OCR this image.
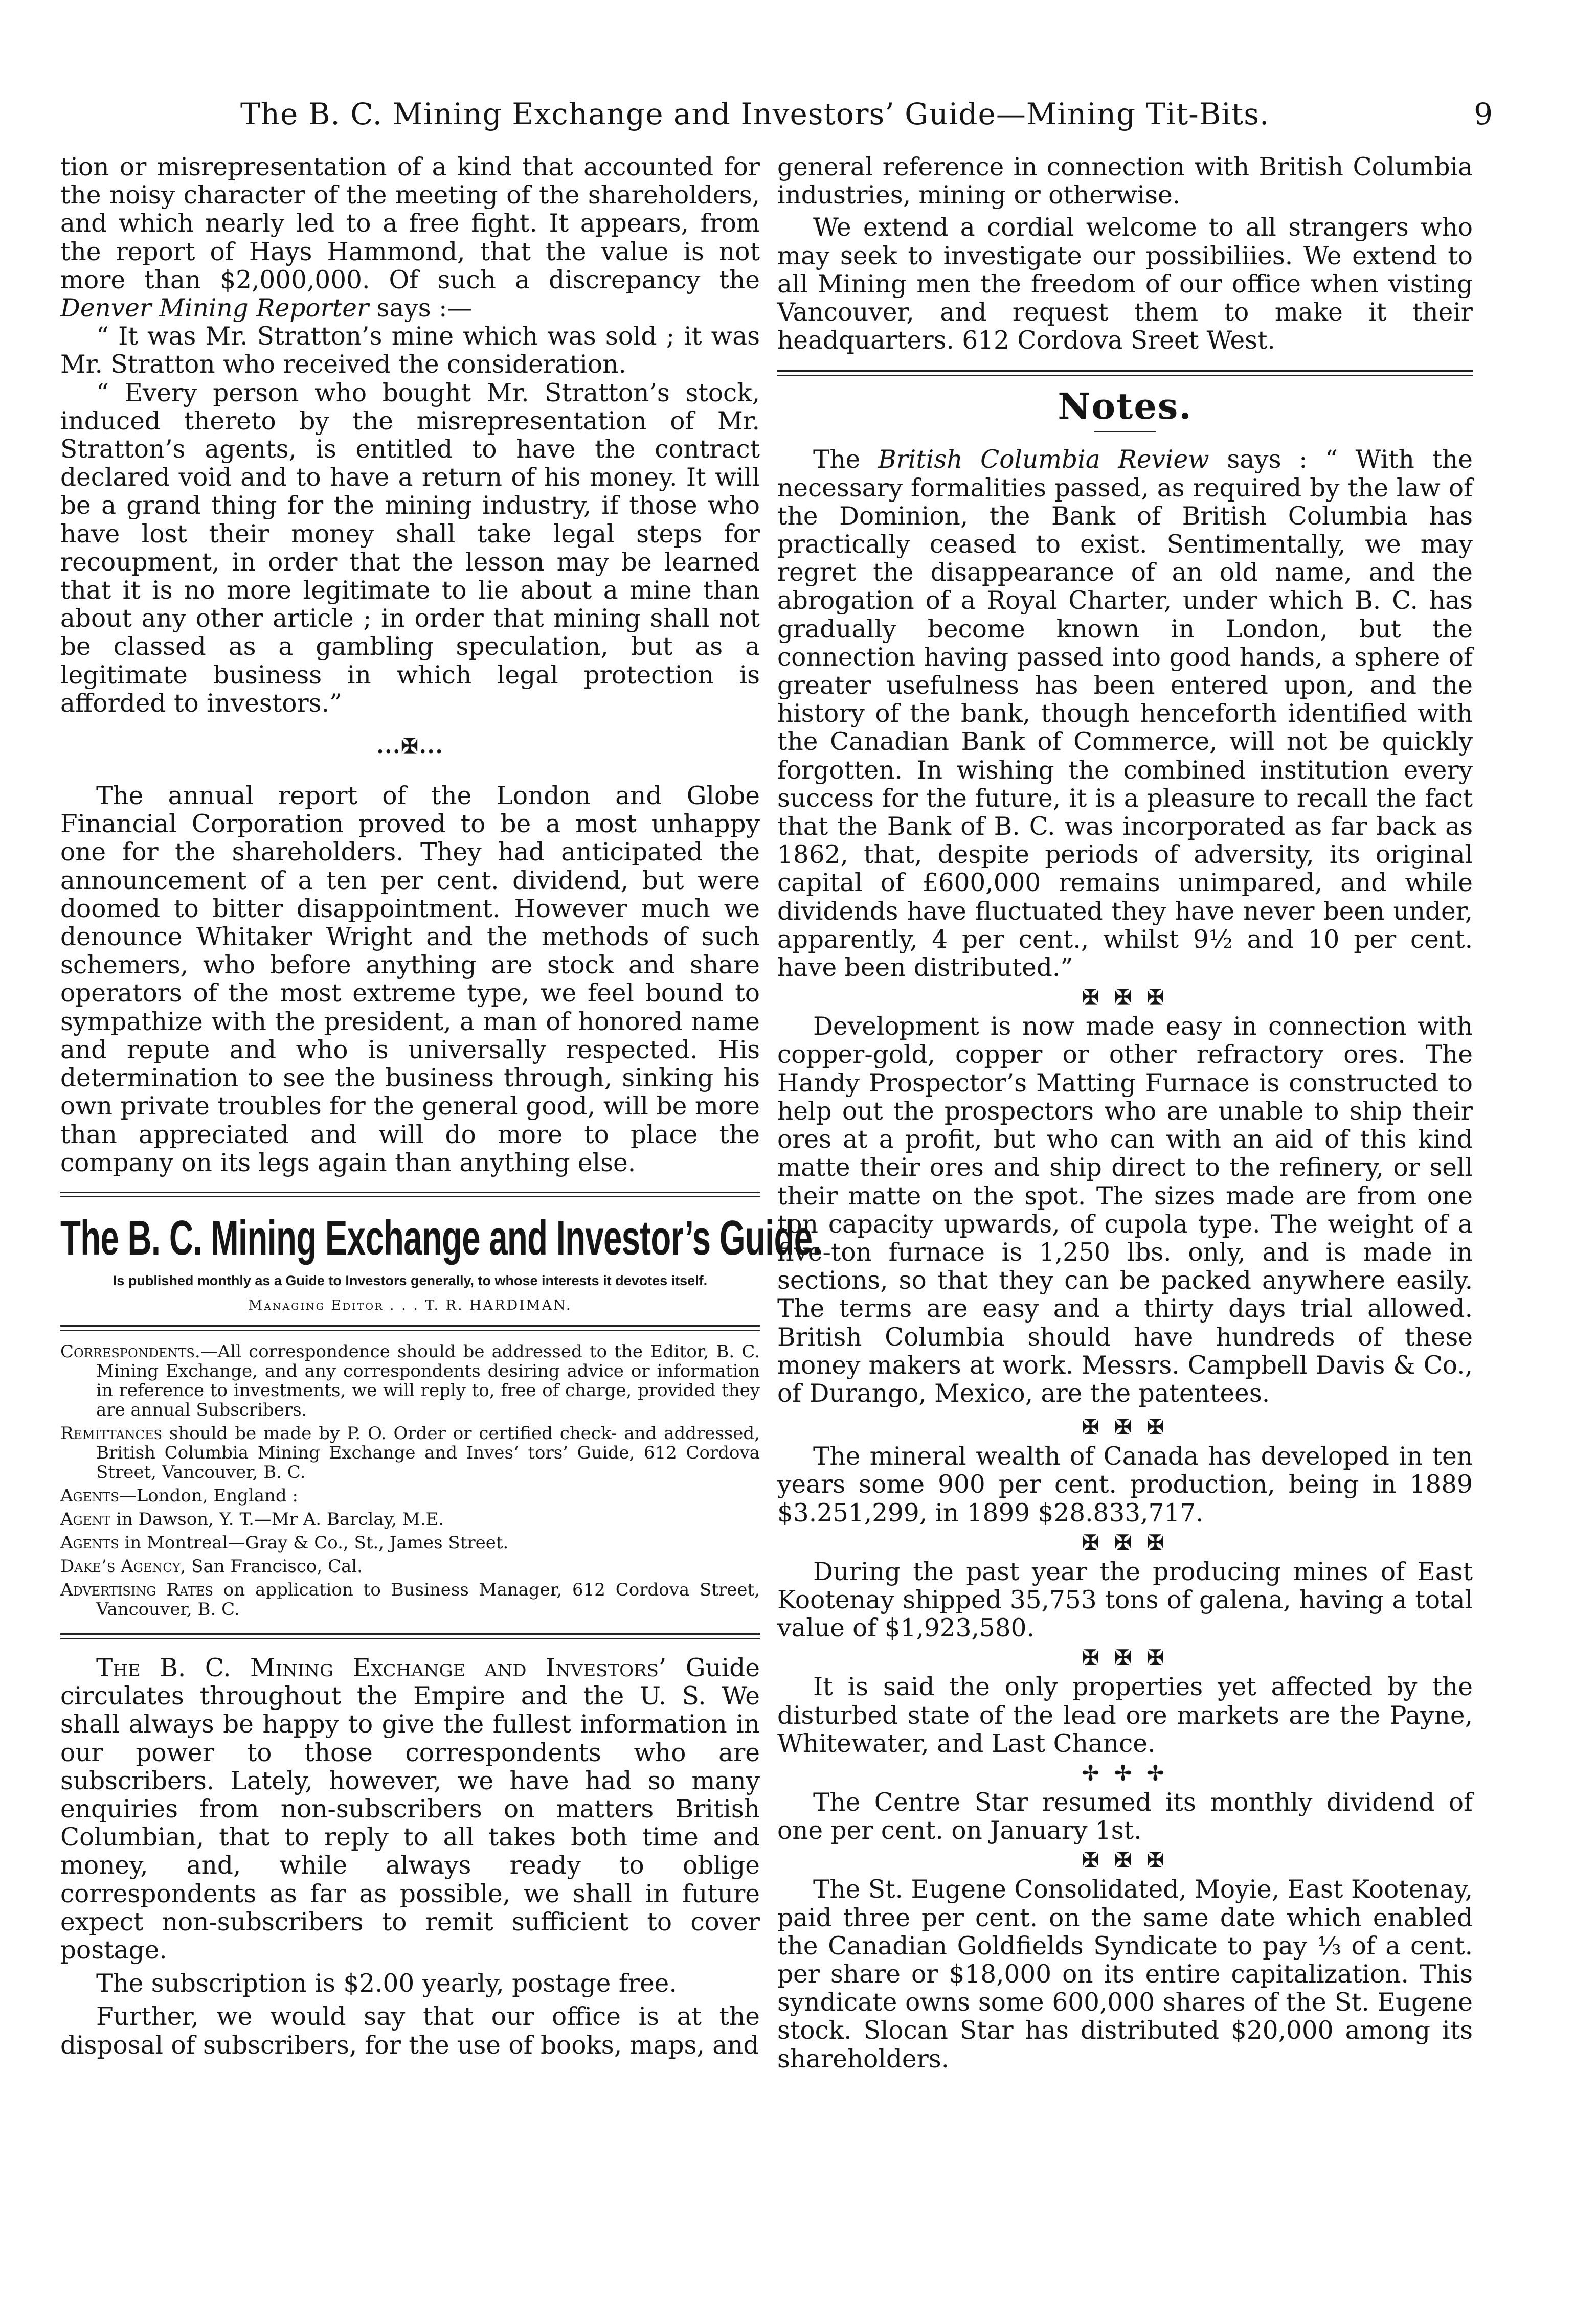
The B. C. Mining Exchange and Investors’ Guide—Mining Tit-Bits.	9

tion or misrepresentation of a kind that accounted for the noisy character of the meeting of the shareholders, and which nearly led to a free fight. It appears, from the report of Hays Hammond, that the value is not more than $2,000,000. Of such a discrepancy the Denver Mining Reporter says :—

“ It was Mr. Stratton’s mine which was sold ; it was Mr. Stratton who received the consideration.

“ Every person who bought Mr. Stratton’s stock, induced thereto by the misrepresentation of Mr. Stratton’s agents, is entitled to have the contract declared void and to have a return of his money. It will be a grand thing for the mining industry, if those who have lost their money shall take legal steps for recoupment, in order that the lesson may be learned that it is no more legitimate to lie about a mine than about any other article ; in order that mining shall not be classed as a gambling speculation, but as a legitimate business in which legal protection is afforded to investors.”

...✠...

The annual report of the London and Globe Financial Corporation proved to be a most unhappy one for the shareholders. They had anticipated the announcement of a ten per cent. dividend, but were doomed to bitter disappointment. However much we denounce Whitaker Wright and the methods of such schemers, who before anything are stock and share operators of the most extreme type, we feel bound to sympathize with the president, a man of honored name and repute and who is universally respected. His determination to see the business through, sinking his own private troubles for the general good, will be more than appreciated and will do more to place the company on its legs again than anything else.

The B. C. Mining Exchange and Investor’s Guide.
Is published monthly as a Guide to Investors generally, to whose interests it devotes itself.
Managing Editor . . . T. R. HARDIMAN.

Correspondents.—All correspondence should be addressed to the Editor, B. C. Mining Exchange, and any correspondents desiring advice or information in reference to investments, we will reply to, free of charge, provided they are annual Subscribers.

Remittances should be made by P. O. Order or certified check- and addressed, British Columbia Mining Exchange and Inves‘ tors’ Guide, 612 Cordova Street, Vancouver, B. C.

Agents—London, England :

Agent in Dawson, Y. T.—Mr A. Barclay, M.E.

Agents in Montreal—Gray & Co., St., James Street.

Dake’s Agency, San Francisco, Cal.

Advertising Rates on application to Business Manager, 612 Cordova Street, Vancouver, B. C.

The B. C. Mining Exchange and Investors’ Guide circulates throughout the Empire and the U. S. We shall always be happy to give the fullest information in our power to those correspondents who are subscribers. Lately, however, we have had so many enquiries from non-subscribers on matters British Columbian, that to reply to all takes both time and money, and, while always ready to oblige correspondents as far as possible, we shall in future expect non-subscribers to remit sufficient to cover postage.

The subscription is $2.00 yearly, postage free.

Further, we would say that our office is at the disposal of subscribers, for the use of books, maps, and

general reference in connection with British Columbia industries, mining or otherwise.

We extend a cordial welcome to all strangers who may seek to investigate our possibiliies. We extend to all Mining men the freedom of our office when visting Vancouver, and request them to make it their headquarters. 612 Cordova Sreet West.

Notes.

The British Columbia Review says : “ With the necessary formalities passed, as required by the law of the Dominion, the Bank of British Columbia has practically ceased to exist. Sentimentally, we may regret the disappearance of an old name, and the abrogation of a Royal Charter, under which B. C. has gradually become known in London, but the connection having passed into good hands, a sphere of greater usefulness has been entered upon, and the history of the bank, though henceforth identified with the Canadian Bank of Commerce, will not be quickly forgotten. In wishing the combined institution every success for the future, it is a pleasure to recall the fact that the Bank of B. C. was incorporated as far back as 1862, that, despite periods of adversity, its original capital of £600,000 remains unimpared, and while dividends have fluctuated they have never been under, apparently, 4 per cent., whilst 9½ and 10 per cent. have been distributed.”

✠ ✠ ✠

Development is now made easy in connection with copper-gold, copper or other refractory ores. The Handy Prospector’s Matting Furnace is constructed to help out the prospectors who are unable to ship their ores at a profit, but who can with an aid of this kind matte their ores and ship direct to the refinery, or sell their matte on the spot. The sizes made are from one ton capacity upwards, of cupola type. The weight of a five-ton furnace is 1,250 lbs. only, and is made in sections, so that they can be packed anywhere easily. The terms are easy and a thirty days trial allowed. British Columbia should have hundreds of these money makers at work. Messrs. Campbell Davis & Co., of Durango, Mexico, are the patentees.

✠ ✠ ✠

The mineral wealth of Canada has developed in ten years some 900 per cent. production, being in 1889 $3.251,299, in 1899 $28.833,717.

✠ ✠ ✠

During the past year the producing mines of East Kootenay shipped 35,753 tons of galena, having a total value of $1,923,580.

✠ ✠ ✠

It is said the only properties yet affected by the disturbed state of the lead ore markets are the Payne, Whitewater, and Last Chance.

✢ ✢ ✢

The Centre Star resumed its monthly dividend of one per cent. on January 1st.

✠ ✠ ✠

The St. Eugene Consolidated, Moyie, East Kootenay, paid three per cent. on the same date which enabled the Canadian Goldfields Syndicate to pay ⅓ of a cent. per share or $18,000 on its entire capitalization. This syndicate owns some 600,000 shares of the St. Eugene stock. Slocan Star has distributed $20,000 among its shareholders.
